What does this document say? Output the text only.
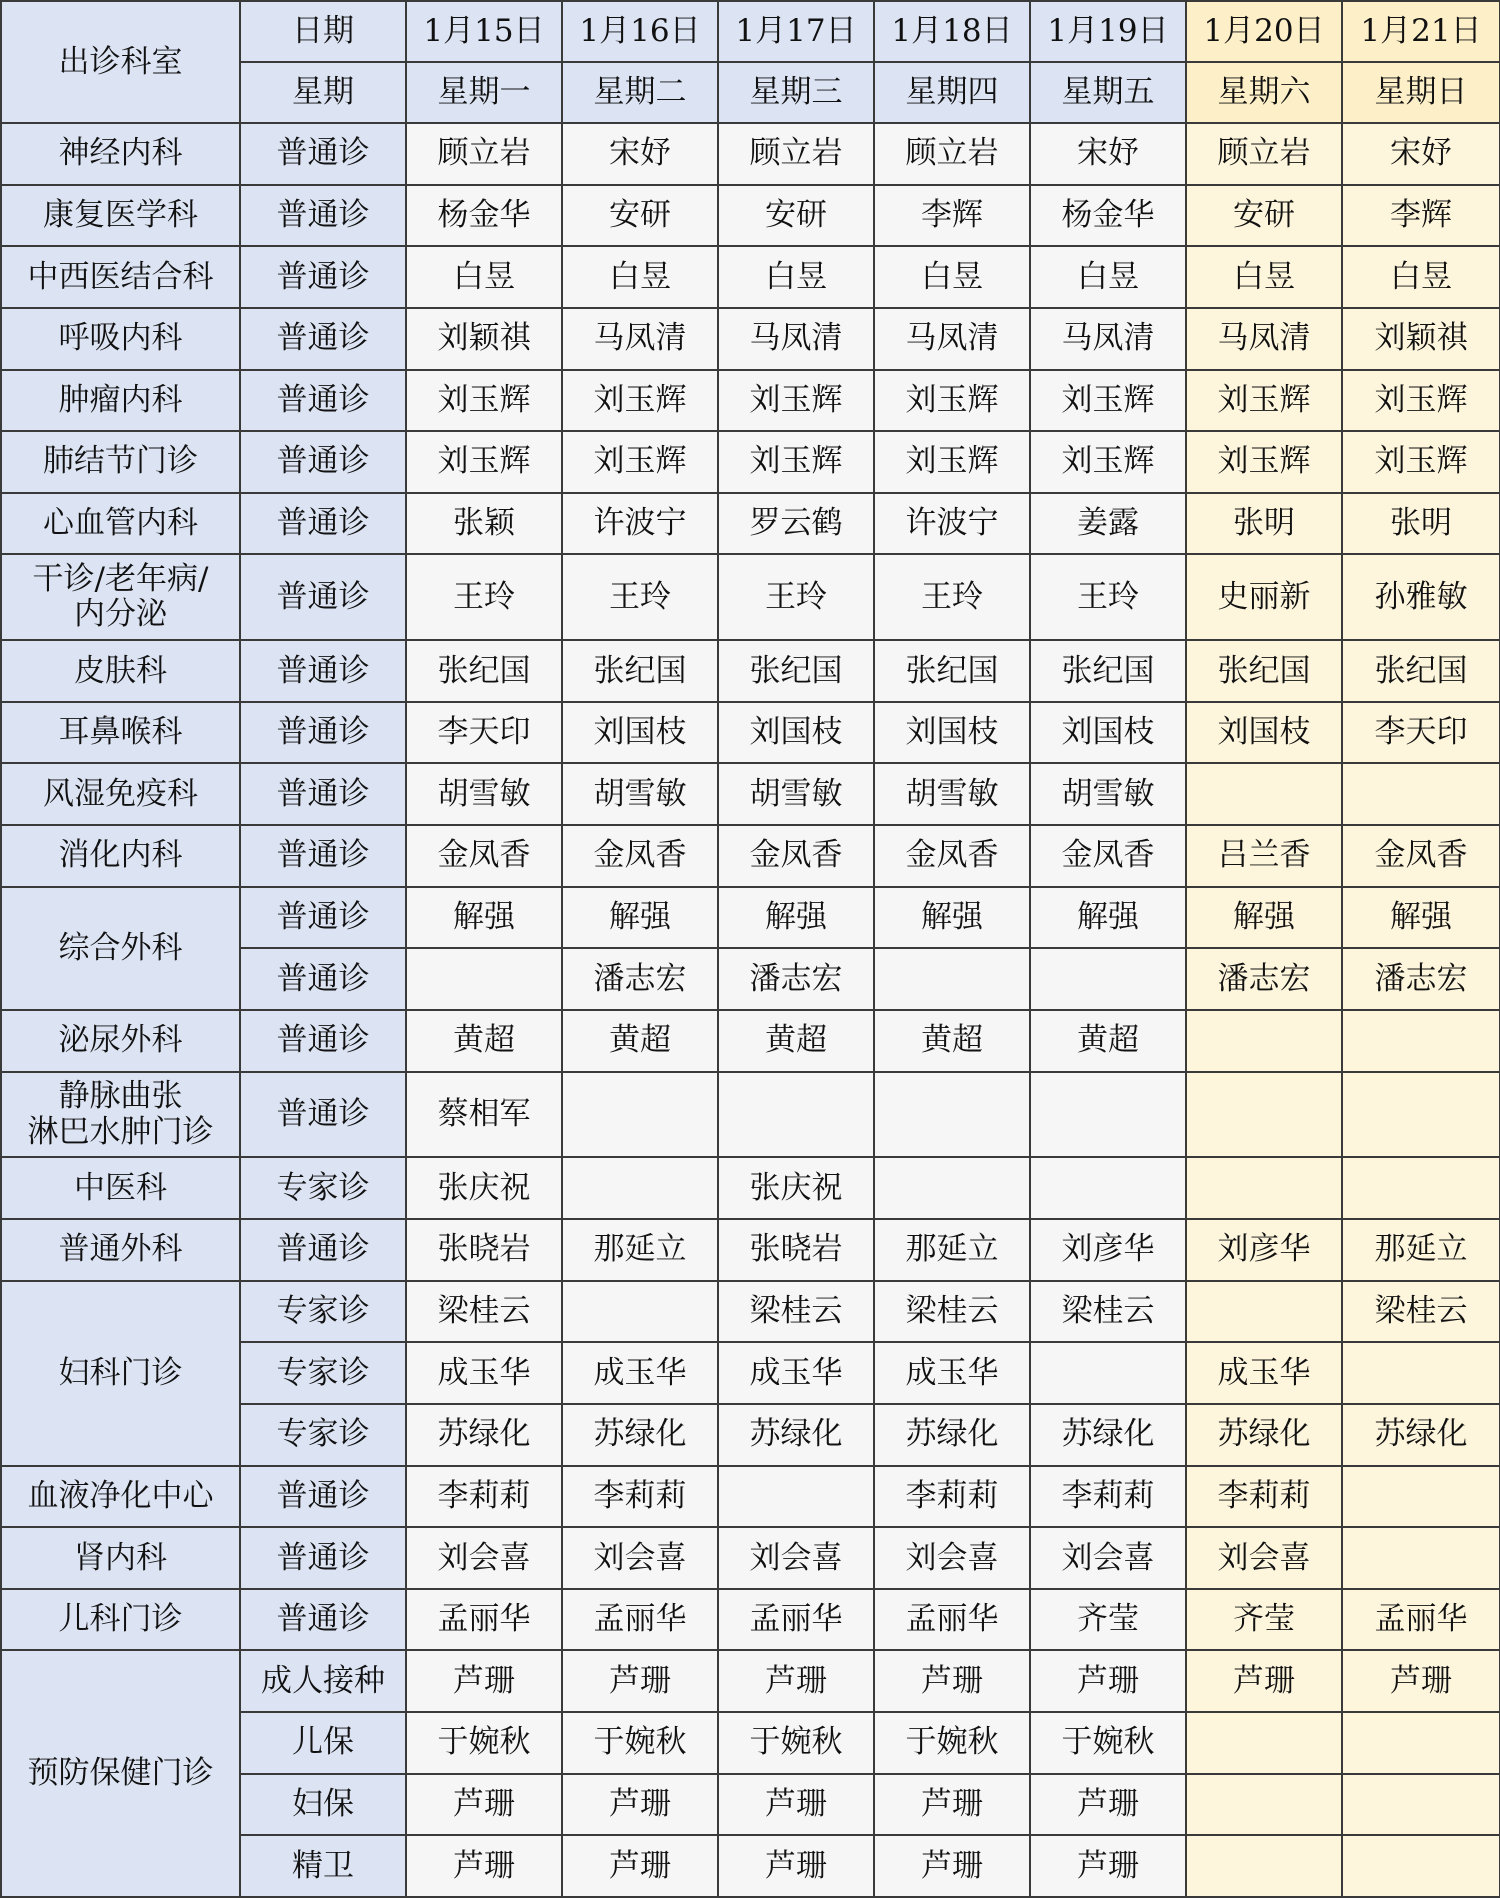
出诊科室	日期	1月15日	1月16日	1月17日	1月18日	1月19日	1月20日	1月21日
	星期	星期一	星期二	星期三	星期四	星期五	星期六	星期日
神经内科	普通诊	顾立岩	宋妤	顾立岩	顾立岩	宋妤	顾立岩	宋妤
康复医学科	普通诊	杨金华	安研	安研	李辉	杨金华	安研	李辉
中西医结合科	普通诊	白昱	白昱	白昱	白昱	白昱	白昱	白昱
呼吸内科	普通诊	刘颖祺	马凤清	马凤清	马凤清	马凤清	马凤清	刘颖祺
肿瘤内科	普通诊	刘玉辉	刘玉辉	刘玉辉	刘玉辉	刘玉辉	刘玉辉	刘玉辉
肺结节门诊	普通诊	刘玉辉	刘玉辉	刘玉辉	刘玉辉	刘玉辉	刘玉辉	刘玉辉
心血管内科	普通诊	张颖	许波宁	罗云鹤	许波宁	姜露	张明	张明
干诊/老年病/
内分泌	普通诊	王玲	王玲	王玲	王玲	王玲	史丽新	孙雅敏
皮肤科	普通诊	张纪国	张纪国	张纪国	张纪国	张纪国	张纪国	张纪国
耳鼻喉科	普通诊	李天印	刘国枝	刘国枝	刘国枝	刘国枝	刘国枝	李天印
风湿免疫科	普通诊	胡雪敏	胡雪敏	胡雪敏	胡雪敏	胡雪敏		
消化内科	普通诊	金凤香	金凤香	金凤香	金凤香	金凤香	吕兰香	金凤香
综合外科	普通诊	解强	解强	解强	解强	解强	解强	解强
	普通诊		潘志宏	潘志宏			潘志宏	潘志宏
泌尿外科	普通诊	黄超	黄超	黄超	黄超	黄超		
静脉曲张
淋巴水肿门诊	普通诊	蔡相军						
中医科	专家诊	张庆祝		张庆祝				
普通外科	普通诊	张晓岩	那延立	张晓岩	那延立	刘彦华	刘彦华	那延立
妇科门诊	专家诊	梁桂云		梁桂云	梁桂云	梁桂云		梁桂云
	专家诊	成玉华	成玉华	成玉华	成玉华		成玉华	
	专家诊	苏绿化	苏绿化	苏绿化	苏绿化	苏绿化	苏绿化	苏绿化
血液净化中心	普通诊	李莉莉	李莉莉		李莉莉	李莉莉	李莉莉	
肾内科	普通诊	刘会喜	刘会喜	刘会喜	刘会喜	刘会喜	刘会喜	
儿科门诊	普通诊	孟丽华	孟丽华	孟丽华	孟丽华	齐莹	齐莹	孟丽华
预防保健门诊	成人接种	芦珊	芦珊	芦珊	芦珊	芦珊	芦珊	芦珊
	儿保	于婉秋	于婉秋	于婉秋	于婉秋	于婉秋		
	妇保	芦珊	芦珊	芦珊	芦珊	芦珊		
	精卫	芦珊	芦珊	芦珊	芦珊	芦珊		
